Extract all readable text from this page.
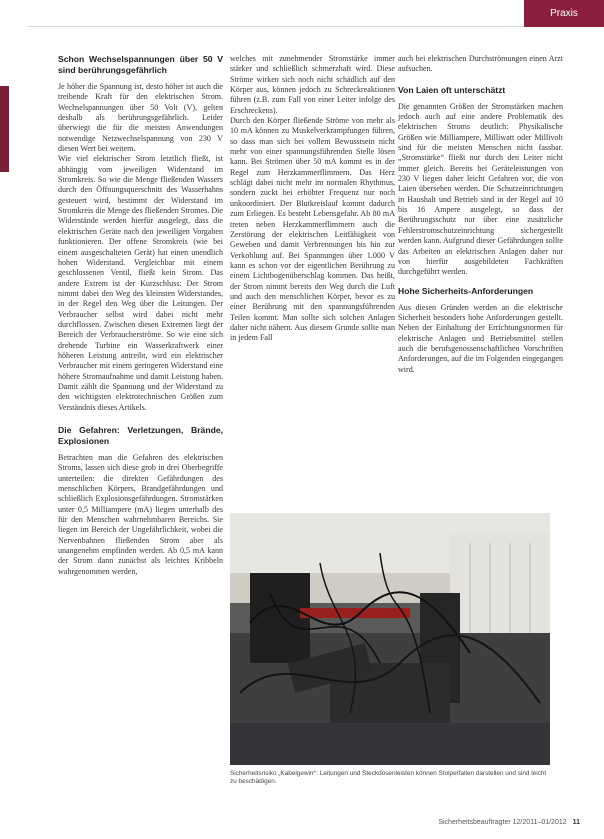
Praxis
Schon Wechselspannungen über 50 V sind berührungsgefährlich

Je höher die Spannung ist, desto höher ist auch die treibende Kraft für den elektrischen Strom. Wechselspannungen über 50 Volt (V), gelten deshalb als berührungsgefährlich. Leider überwiegt die für die meisten Anwendungen notwendige Netzwechselspannung von 230 V diesen Wert bei weitem.

Wie viel elektrischer Strom letztlich fließt, ist abhängig vom jeweiligen Widerstand im Stromkreis. So wie die Menge fließenden Wassers durch den Öffnungsquerschnitt des Wasserhahns gesteuert wird, bestimmt der Widerstand im Stromkreis die Menge des fließenden Stromes. Die Widerstände werden hierfür ausgelegt, dass die elektrischen Geräte nach den jeweiligen Vorgaben funktionieren. Der offene Stromkreis (wie bei einem ausgeschalteten Gerät) hat einen unendlich hohen Widerstand. Vergleichbar mit einem geschlossenen Ventil, fließt kein Strom. Das andere Extrem ist der Kurzschluss: Der Strom nimmt dabei den Weg des kleinsten Widerstandes, in der Regel den Weg über die Leitungen. Der Verbraucher selbst wird dabei nicht mehr durchflossen. Zwischen diesen Extremen liegt der Bereich der Verbraucherströme. So wie eine sich drehende Turbine ein Wasserkraftwerk einer höheren Leistung antreibt, wird ein elektrischer Verbraucher mit einem geringeren Widerstand eine höhere Stromaufnahme und damit Leistung haben. Damit zählt die Spannung und der Widerstand zu den wichtigsten elektrotechnischen Größen zum Verständnis dieses Artikels.

Die Gefahren: Verletzungen, Brände, Explosionen

Betrachten man die Gefahren des elektrischen Stroms, lassen sich diese grob in drei Oberbegriffe unterteilen: die direkten Gefährdungen des menschlichen Körpers, Brandgefährdungen und schließlich Explosionsgefährdungen. Stromstärken unter 0,5 Milliampere (mA) liegen unterhalb des für den Menschen wahrnehmbaren Bereichs. Sie liegen im Bereich der Ungefährlichkeit, wobei die Nervenbahnen fließenden Strom aber als unangenehm empfinden werden. Ab 0,5 mA kann der Strom dann zunächst als leichtes Kribbeln wahrgenommen werden,

welches mit zunehmender Stromstärke immer stärker und schließlich schmerzhaft wird. Diese Ströme wirken sich noch nicht schädlich auf den Körper aus, können jedoch zu Schreckreaktionen führen (z.B. zum Fall von einer Leiter infolge des Erschreckens).

Durch den Körper fließende Ströme von mehr als 10 mA können zu Muskelverkrampfungen führen, so dass man sich bei vollem Bewusstsein nicht mehr von einer spannungsführenden Stelle lösen kann. Bei Strömen über 50 mA kommt es in der Regel zum Herzkammerflimmern. Das Herz schlägt dabei nicht mehr im normalen Rhythmus, sondern zuckt bei erhöhter Frequenz nur noch unkoordiniert. Der Blutkreislauf kommt dadurch zum Erliegen. Es besteht Lebensgefahr. Ab 80 mA treten neben Herzkammerflimmern auch die Zerstörung der elektrischen Leitfähigkeit von Geweben und damit Verbrennungen bis hin zur Verkohlung auf. Bei Spannungen über 1.000 V kann es schon vor der eigentlichen Berührung zu einem Lichtbogenüberschlag kommen. Das heißt, der Strom nimmt bereits den Weg durch die Luft und auch den menschlichen Körper, bevor es zu einer Berührung mit den spannungsführenden Teilen kommt. Man sollte sich solchen Anlagen daher nicht nähern. Aus diesem Grunde sollte man in jedem Fall

auch bei elektrischen Durchströmungen einen Arzt aufsuchen.

Von Laien oft unterschätzt

Die genannten Größen der Stromstärken machen jedoch auch auf eine andere Problematik des elektrischen Stroms deutlich: Physikalische Größen wie Milliampere, Milliwatt oder Millivolt sind für die meisten Menschen nicht fassbar. „Stromstärke“ fließt nur durch den Leiter nicht immer gleich. Bereits bei Geräteleistungen von 230 V liegen daher leicht Gefahren vor, die von Laien übersehen werden. Die Schutzeinrichtungen in Haushalt und Betrieb sind in der Regel auf 10 bis 16 Ampere ausgelegt, so dass der Berührungsschutz nur über eine zusätzliche Fehlerstromschutzeinrichtung sichergestellt werden kann. Aufgrund dieser Gefährdungen sollte das Arbeiten an elektrischen Anlagen daher nur von hierfür ausgebildeten Fachkräften durchgeführt werden.

Hohe Sicherheits-Anforderungen

Aus diesen Gründen werden an die elektrische Sicherheit besonders hohe Anforderungen gestellt. Neben der Einhaltung der Errichtungsnormen für elektrische Anlagen und Betriebsmittel stellen auch die berufsgenossenschaftlichen Vorschriften Anforderungen, auf die im Folgenden eingegangen wird.

Sicherheitsrisiko „Kabelgewirr“: Leitungen und Steckdosenleisten können Stolperfallen darstellen und sind leicht zu beschädigen.
Sicherheitsbeauftragter 12/2011–01/2012 11
